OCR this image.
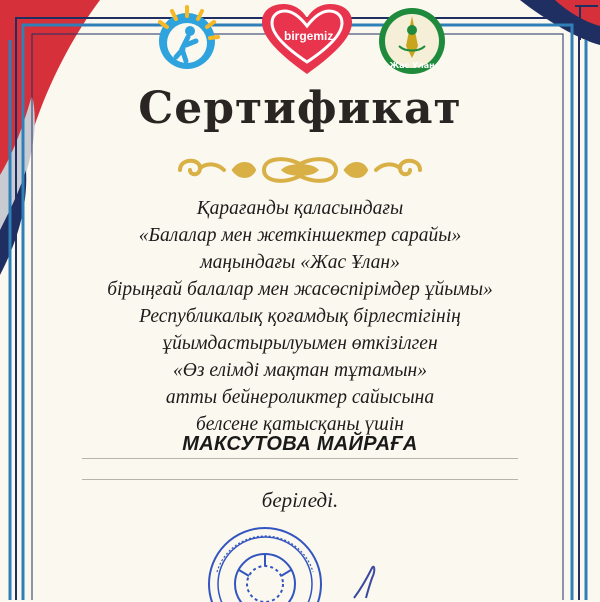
birgemiz
Жас Ұлан
Сертификат
Қарағанды қаласындағы
«Балалар мен жеткіншектер сарайы»
маңындағы «Жас Ұлан»
бірыңғай балалар мен жасөспірімдер ұйымы»
Республикалық қоғамдық бірлестігінің
ұйымдастырылуымен өткізілген
«Өз елімді мақтан тұтамын»
атты бейнероликтер сайысына
белсене қатысқаны үшін
МАКСУТОВА МАЙРАҒА
беріледі.
